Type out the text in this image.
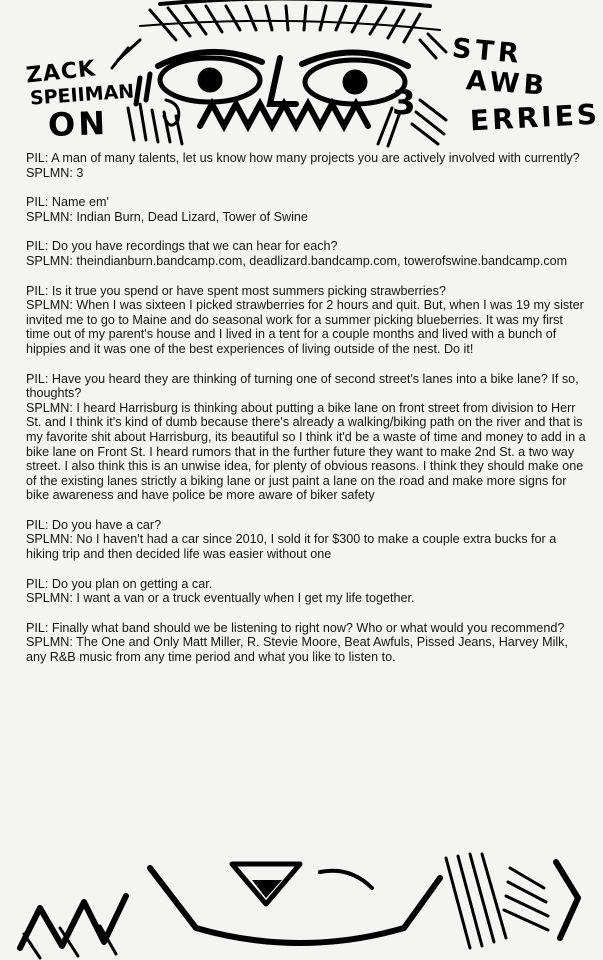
3
ZACK
SPEIIMAN
ON
STR
AWB
ERRIES

PIL: A man of many talents, let us know how many projects you are actively involved with currently?

SPLMN: 3

PIL: Name em'

SPLMN: Indian Burn, Dead Lizard, Tower of Swine

PIL: Do you have recordings that we can hear for each?

SPLMN: theindianburn.bandcamp.com, deadlizard.bandcamp.com, towerofswine.bandcamp.com

PIL: Is it true you spend or have spent most summers picking strawberries?

SPLMN: When I was sixteen I picked strawberries for 2 hours and quit. But, when I was 19 my sister invited me to go to Maine and do seasonal work for a summer picking blueberries. It was my first time out of my parent's house and I lived in a tent for a couple months and lived with a bunch of hippies and it was one of the best experiences of living outside of the nest. Do it!

PIL: Have you heard they are thinking of turning one of second street's lanes into a bike lane? If so, thoughts?

SPLMN: I heard Harrisburg is thinking about putting a bike lane on front street from division to Herr St. and I think it's kind of dumb because there's already a walking/biking path on the river and that is my favorite shit about Harrisburg, its beautiful so I think it'd be a waste of time and money to add in a bike lane on Front St. I heard rumors that in the further future they want to make 2nd St. a two way street. I also think this is an unwise idea, for plenty of obvious reasons. I think they should make one of the existing lanes strictly a biking lane or just paint a lane on the road and make more signs for bike awareness and have police be more aware of biker safety

PIL: Do you have a car?

SPLMN: No I haven't had a car since 2010, I sold it for $300 to make a couple extra bucks for a hiking trip and then decided life was easier without one

PIL: Do you plan on getting a car.

SPLMN: I want a van or a truck eventually when I get my life together.

PIL: Finally what band should we be listening to right now? Who or what would you recommend?

SPLMN: The One and Only Matt Miller, R. Stevie Moore, Beat Awfuls, Pissed Jeans, Harvey Milk, any R&B music from any time period and what you like to listen to.
